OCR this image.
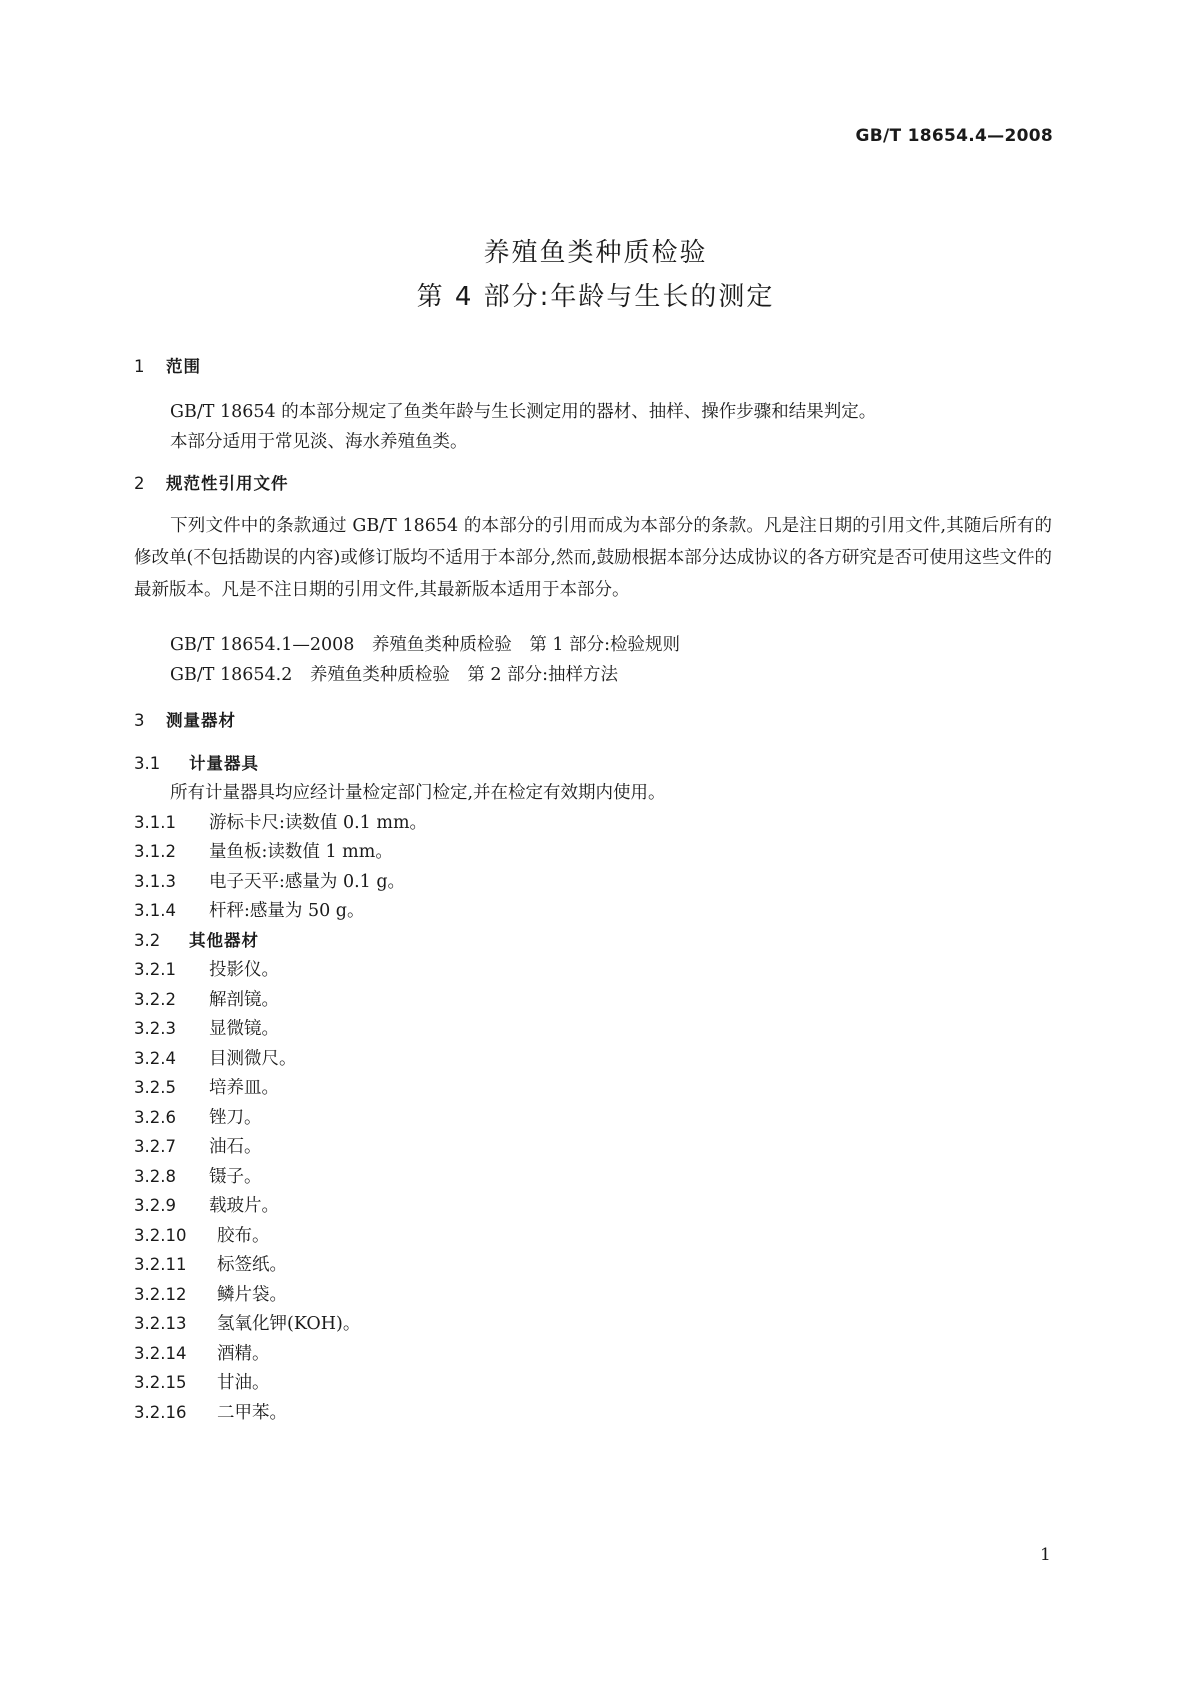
GB/T 18654.4—2008
养殖鱼类种质检验
第 4 部分:年龄与生长的测定
1 范围
GB/T 18654 的本部分规定了鱼类年龄与生长测定用的器材、抽样、操作步骤和结果判定。
本部分适用于常见淡、海水养殖鱼类。
2 规范性引用文件
下列文件中的条款通过 GB/T 18654 的本部分的引用而成为本部分的条款。凡是注日期的引用文件,其随后所有的修改单(不包括勘误的内容)或修订版均不适用于本部分,然而,鼓励根据本部分达成协议的各方研究是否可使用这些文件的最新版本。凡是不注日期的引用文件,其最新版本适用于本部分。
GB/T 18654.1—2008　养殖鱼类种质检验　第 1 部分:检验规则
GB/T 18654.2　养殖鱼类种质检验　第 2 部分:抽样方法
3 测量器材
3.1 计量器具
所有计量器具均应经计量检定部门检定,并在检定有效期内使用。
3.1.1 游标卡尺:读数值 0.1 mm。
3.1.2 量鱼板:读数值 1 mm。
3.1.3 电子天平:感量为 0.1 g。
3.1.4 杆秤:感量为 50 g。
3.2 其他器材
3.2.1 投影仪。
3.2.2 解剖镜。
3.2.3 显微镜。
3.2.4 目测微尺。
3.2.5 培养皿。
3.2.6 锉刀。
3.2.7 油石。
3.2.8 镊子。
3.2.9 载玻片。
3.2.10 胶布。
3.2.11 标签纸。
3.2.12 鳞片袋。
3.2.13 氢氧化钾(KOH)。
3.2.14 酒精。
3.2.15 甘油。
3.2.16 二甲苯。
1
